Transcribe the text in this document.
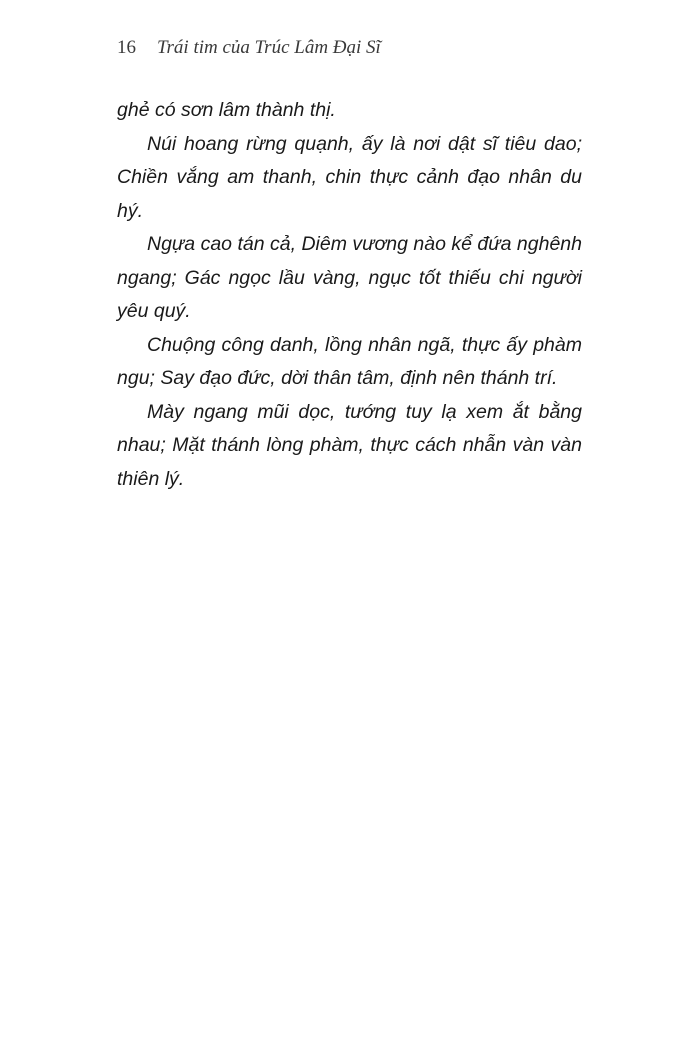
16 Trái tim của Trúc Lâm Đại Sĩ

ghẻ có sơn lâm thành thị.

Núi hoang rừng quạnh, ấy là nơi dật sĩ tiêu dao; Chiền vắng am thanh, chin thực cảnh đạo nhân du hý.

Ngựa cao tán cả, Diêm vương nào kể đứa nghênh ngang; Gác ngọc lầu vàng, ngục tốt thiếu chi người yêu quý.

Chuộng công danh, lồng nhân ngã, thực ấy phàm ngu; Say đạo đức, dời thân tâm, định nên thánh trí.

Mày ngang mũi dọc, tướng tuy lạ xem ắt bằng nhau; Mặt thánh lòng phàm, thực cách nhẫn vàn vàn thiên lý.
